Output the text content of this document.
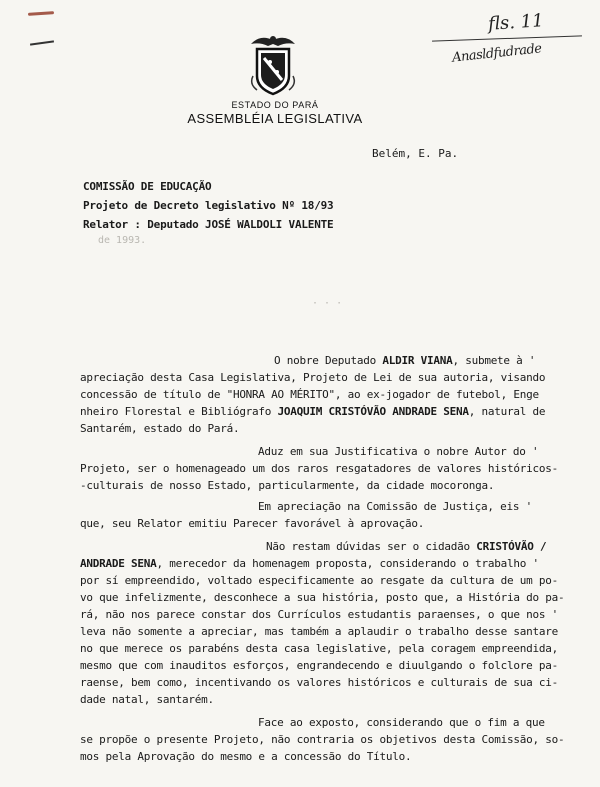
fls. 11
Anasldfudrade
ESTADO DO PARÁ
ASSEMBLÉIA LEGISLATIVA
Belém, E. Pa.
COMISSÃO DE EDUCAÇÃO
Projeto de Decreto legislativo Nº 18/93
Relator : Deputado JOSÉ WALDOLI VALENTE
de 1993.
· · ·
O nobre Deputado ALDIR VIANA, submete à '
apreciação desta Casa Legislativa, Projeto de Lei de sua autoria, visando
concessão de título de "HONRA AO MÉRITO", ao ex-jogador de futebol, Enge
nheiro Florestal e Bibliógrafo JOAQUIM CRISTÓVÃO ANDRADE SENA, natural de
Santarém, estado do Pará.
Aduz em sua Justificativa o nobre Autor do '
Projeto, ser o homenageado um dos raros resgatadores de valores históricos-
-culturais de nosso Estado, particularmente, da cidade mocoronga.
Em apreciação na Comissão de Justiça, eis '
que, seu Relator emitiu Parecer favorável à aprovação.
Não restam dúvidas ser o cidadão CRISTÓVÃO /
ANDRADE SENA, merecedor da homenagem proposta, considerando o trabalho '
por sí empreendido, voltado especificamente ao resgate da cultura de um po-
vo que infelizmente, desconhece a sua história, posto que, a História do pa-
rá, não nos parece constar dos Currículos estudantis paraenses, o que nos '
leva não somente a apreciar, mas também a aplaudir o trabalho desse santare
no que merece os parabéns desta casa legislative, pela coragem empreendida,
mesmo que com inauditos esforços, engrandecendo e diuulgando o folclore pa-
raense, bem como, incentivando os valores históricos e culturais de sua ci-
dade natal, santarém.
Face ao exposto, considerando que o fim a que
se propõe o presente Projeto, não contraria os objetivos desta Comissão, so-
mos pela Aprovação do mesmo e a concessão do Título.
